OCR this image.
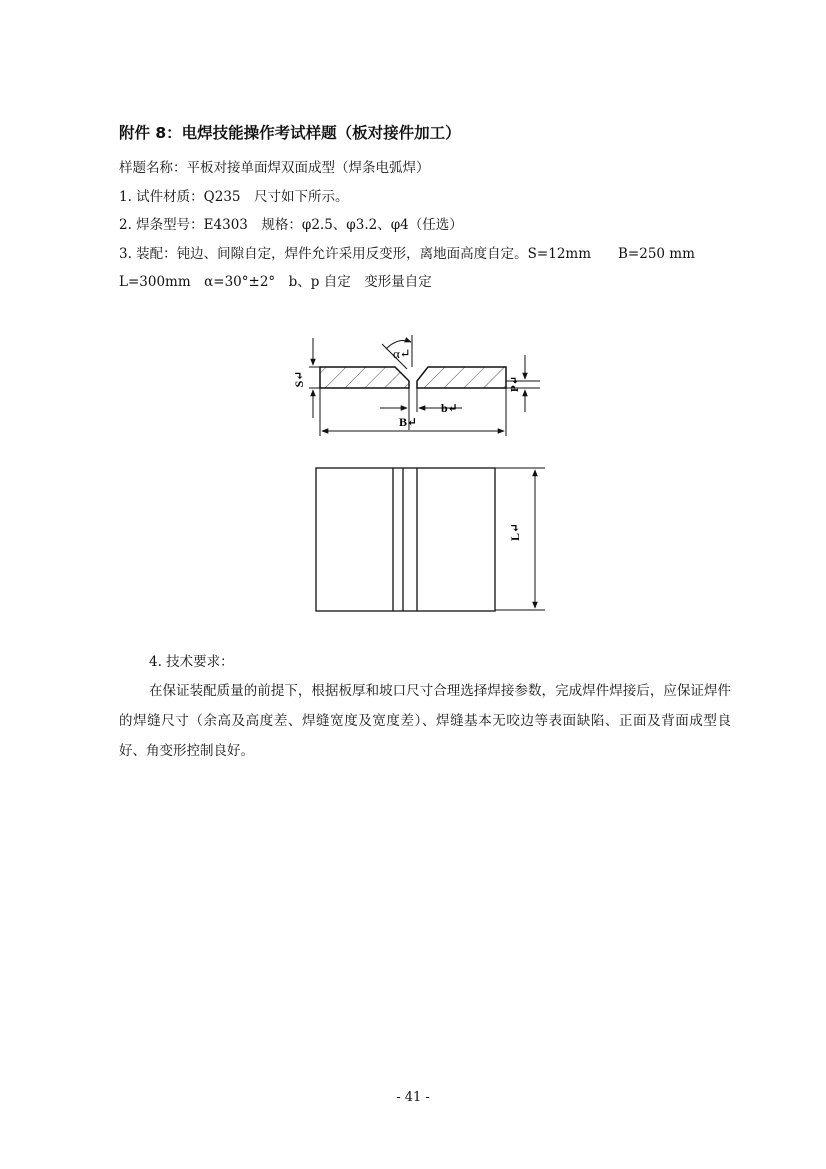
附件 8：电焊技能操作考试样题（板对接件加工）

样题名称：平板对接单面焊双面成型（焊条电弧焊）

1. 试件材质：Q235　尺寸如下所示。

2. 焊条型号：E4303　规格：φ2.5、φ3.2、φ4（任选）

3. 装配：钝边、间隙自定，焊件允许采用反变形，离地面高度自定。S=12mm　　B=250 mm

L=300mm　α=30°±2°　b、p 自定　变形量自定

S↵	P↵
α↵
b↵
B↵
L↵

4. 技术要求：

在保证装配质量的前提下，根据板厚和坡口尺寸合理选择焊接参数，完成焊件焊接后，应保证焊件的焊缝尺寸（余高及高度差、焊缝宽度及宽度差）、焊缝基本无咬边等表面缺陷、正面及背面成型良好、角变形控制良好。

- 41 -
